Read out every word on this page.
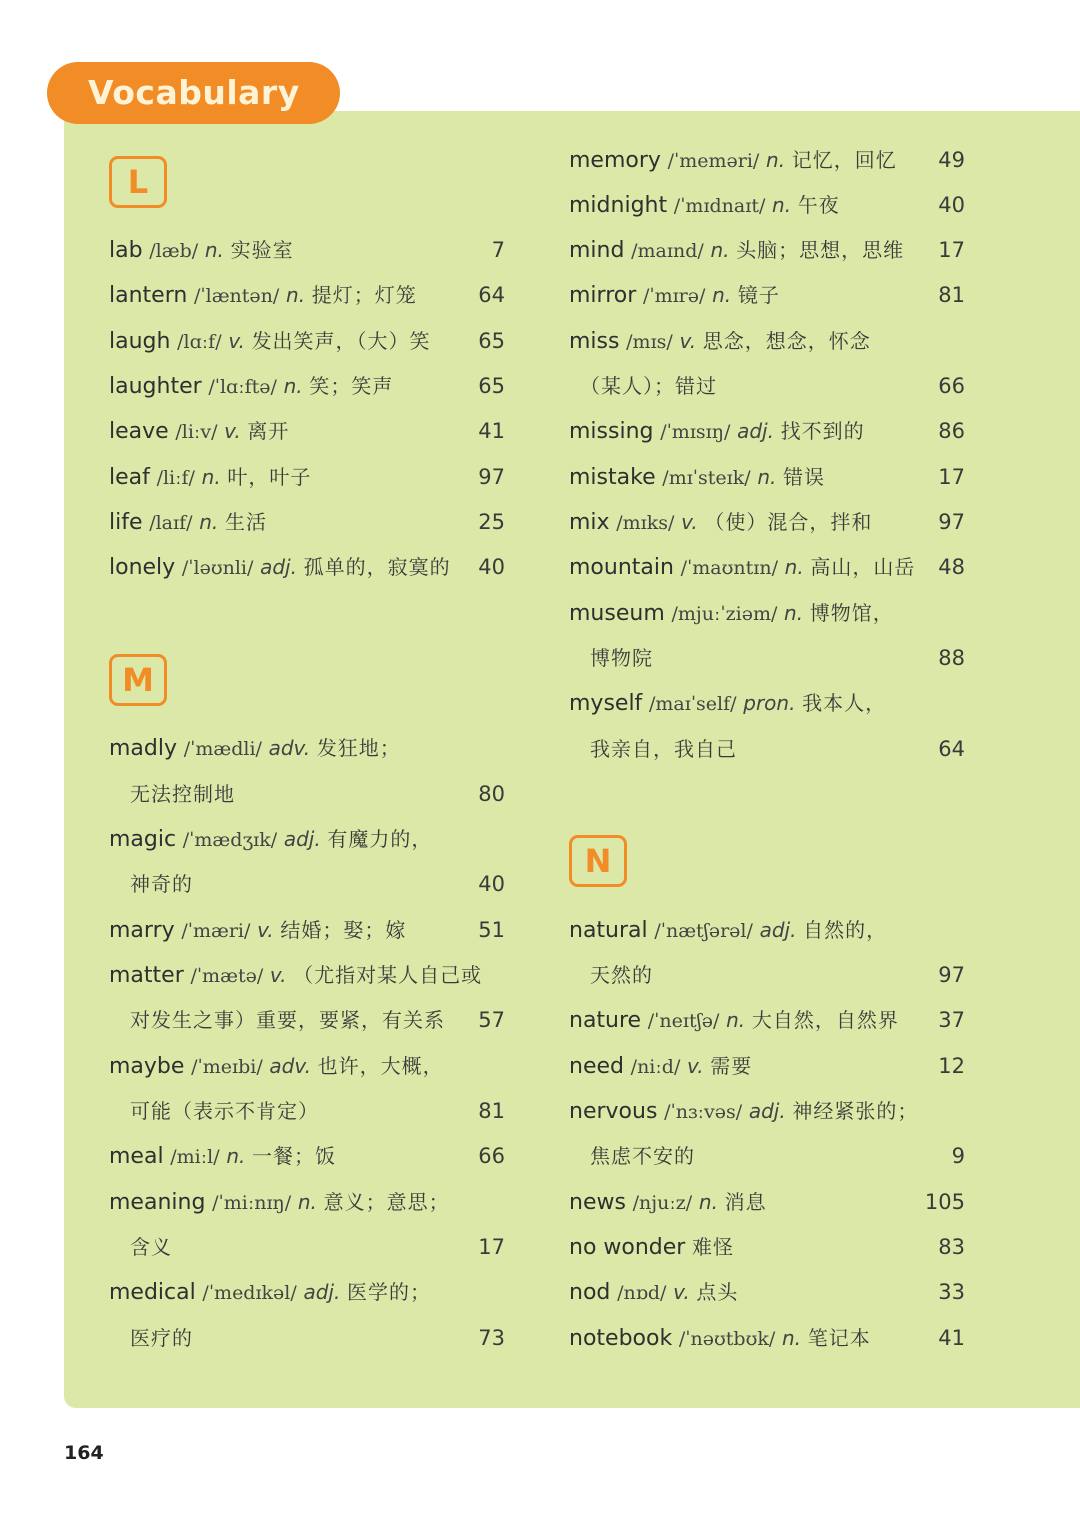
Vocabulary
L
lab /læb/ n. 实验室	7
lantern /ˈlæntən/ n. 提灯；灯笼	64
laugh /lɑːf/ v. 发出笑声，（大）笑	65
laughter /ˈlɑːftə/ n. 笑；笑声	65
leave /liːv/ v. 离开	41
leaf /liːf/ n. 叶，叶子	97
life /laɪf/ n. 生活	25
lonely /ˈləʊnli/ adj. 孤单的，寂寞的	40
M
madly /ˈmædli/ adv. 发狂地；
无法控制地	80
magic /ˈmædʒɪk/ adj. 有魔力的，
神奇的	40
marry /ˈmæri/ v. 结婚；娶；嫁	51
matter /ˈmætə/ v. （尤指对某人自己或
对发生之事）重要，要紧，有关系	57
maybe /ˈmeɪbi/ adv. 也许，大概，
可能（表示不肯定）	81
meal /miːl/ n. 一餐；饭	66
meaning /ˈmiːnɪŋ/ n. 意义；意思；
含义	17
medical /ˈmedɪkəl/ adj. 医学的；
医疗的	73
memory /ˈmeməri/ n. 记忆，回忆	49
midnight /ˈmɪdnaɪt/ n. 午夜	40
mind /maɪnd/ n. 头脑；思想，思维	17
mirror /ˈmɪrə/ n. 镜子	81
miss /mɪs/ v. 思念，想念，怀念
（某人）；错过	66
missing /ˈmɪsɪŋ/ adj. 找不到的	86
mistake /mɪˈsteɪk/ n. 错误	17
mix /mɪks/ v. （使）混合，拌和	97
mountain /ˈmaʊntɪn/ n. 高山，山岳	48
museum /mjuːˈziəm/ n. 博物馆，
博物院	88
myself /maɪˈself/ pron. 我本人，
我亲自，我自己	64
N
natural /ˈnætʃərəl/ adj. 自然的，
天然的	97
nature /ˈneɪtʃə/ n. 大自然，自然界	37
need /niːd/ v. 需要	12
nervous /ˈnɜːvəs/ adj. 神经紧张的；
焦虑不安的	9
news /njuːz/ n. 消息	105
no wonder 难怪	83
nod /nɒd/ v. 点头	33
notebook /ˈnəʊtbʊk/ n. 笔记本	41
164
